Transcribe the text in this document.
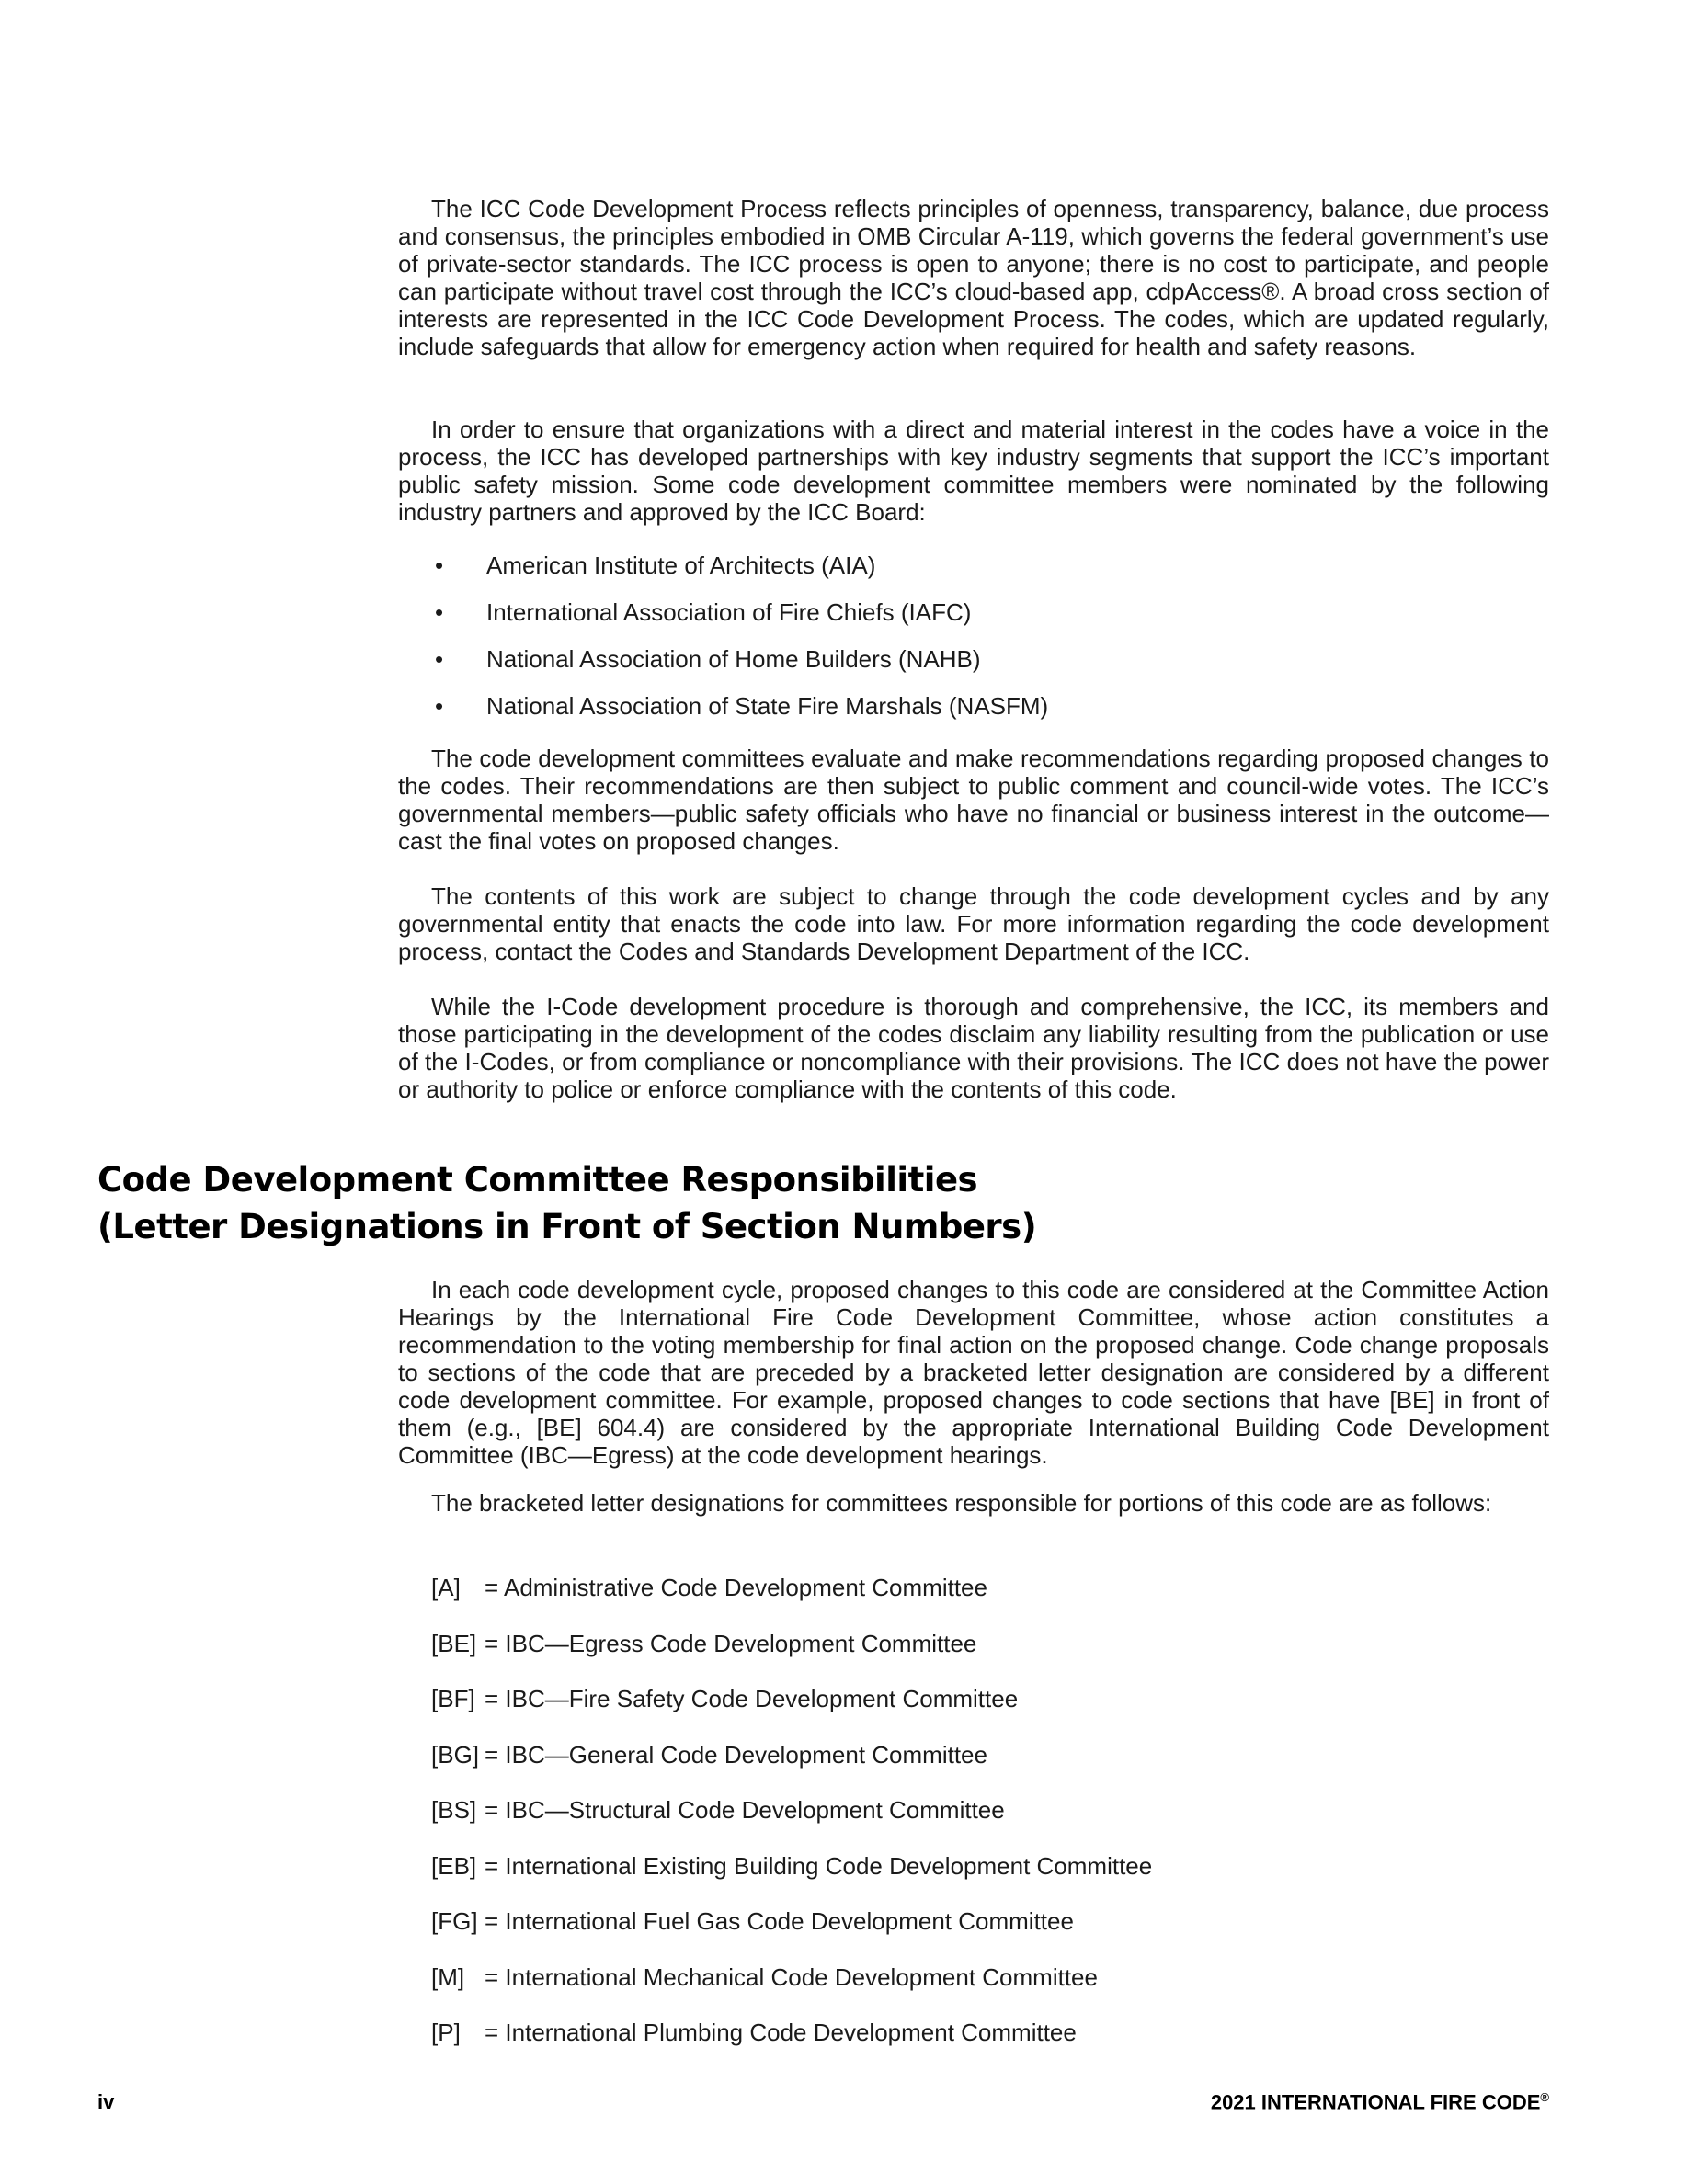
The ICC Code Development Process reflects principles of openness, transparency, balance, due process and consensus, the principles embodied in OMB Circular A-119, which governs the federal government’s use of private-sector standards. The ICC process is open to anyone; there is no cost to participate, and people can participate without travel cost through the ICC’s cloud-based app, cdpAccess®. A broad cross section of interests are represented in the ICC Code Development Process. The codes, which are updated regularly, include safeguards that allow for emergency action when required for health and safety reasons.

In order to ensure that organizations with a direct and material interest in the codes have a voice in the process, the ICC has developed partnerships with key industry segments that support the ICC’s important public safety mission. Some code development committee members were nominated by the following industry partners and approved by the ICC Board:

• American Institute of Architects (AIA)
• International Association of Fire Chiefs (IAFC)
• National Association of Home Builders (NAHB)
• National Association of State Fire Marshals (NASFM)

The code development committees evaluate and make recommendations regarding proposed changes to the codes. Their recommendations are then subject to public comment and council-wide votes. The ICC’s governmental members—public safety officials who have no financial or business interest in the outcome—cast the final votes on proposed changes.

The contents of this work are subject to change through the code development cycles and by any governmental entity that enacts the code into law. For more information regarding the code development process, contact the Codes and Standards Development Department of the ICC.

While the I-Code development procedure is thorough and comprehensive, the ICC, its members and those participating in the development of the codes disclaim any liability resulting from the publication or use of the I-Codes, or from compliance or noncompliance with their provisions. The ICC does not have the power or authority to police or enforce compliance with the contents of this code.

Code Development Committee Responsibilities
(Letter Designations in Front of Section Numbers)

In each code development cycle, proposed changes to this code are considered at the Committee Action Hearings by the International Fire Code Development Committee, whose action constitutes a recommendation to the voting membership for final action on the proposed change. Code change proposals to sections of the code that are preceded by a bracketed letter designation are considered by a different code development committee. For example, proposed changes to code sections that have [BE] in front of them (e.g., [BE] 604.4) are considered by the appropriate International Building Code Development Committee (IBC—Egress) at the code development hearings.

The bracketed letter designations for committees responsible for portions of this code are as follows:

[A] = Administrative Code Development Committee
[BE] = IBC—Egress Code Development Committee
[BF] = IBC—Fire Safety Code Development Committee
[BG] = IBC—General Code Development Committee
[BS] = IBC—Structural Code Development Committee
[EB] = International Existing Building Code Development Committee
[FG] = International Fuel Gas Code Development Committee
[M] = International Mechanical Code Development Committee
[P] = International Plumbing Code Development Committee
iv	2021 INTERNATIONAL FIRE CODE®
